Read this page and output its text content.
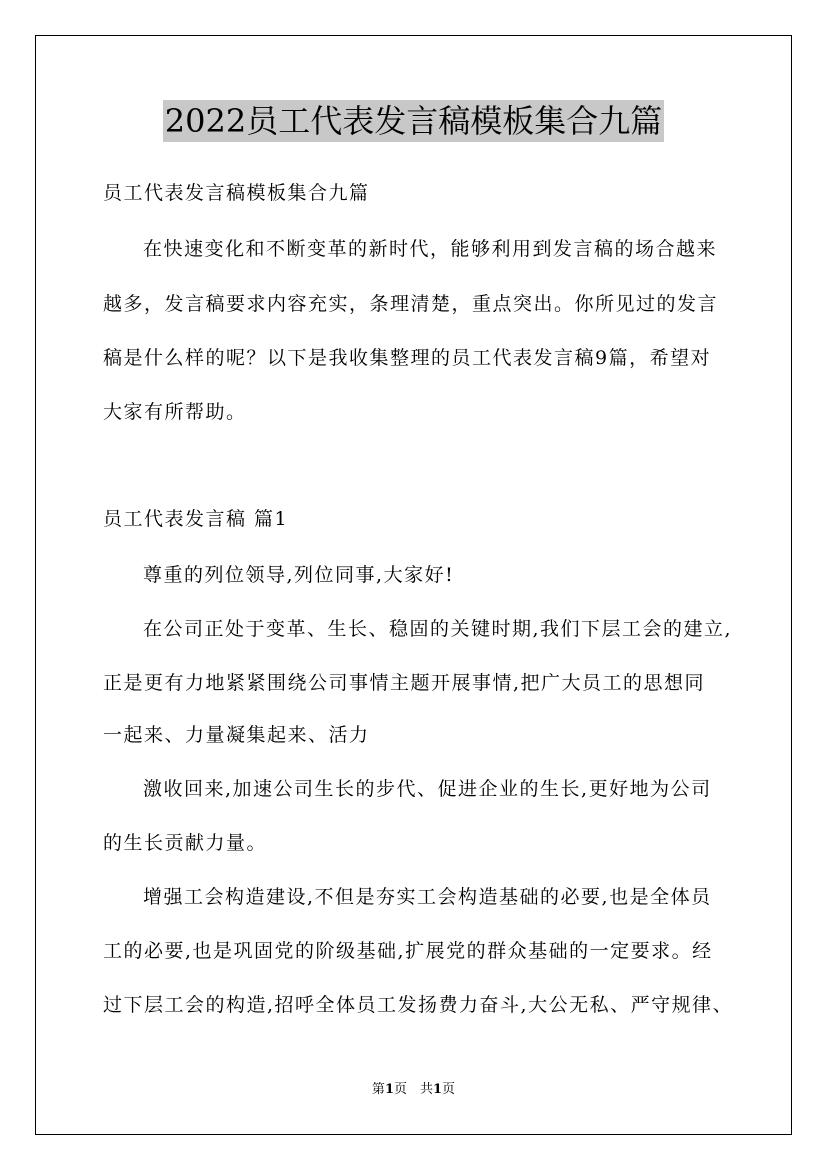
2022员工代表发言稿模板集合九篇
员工代表发言稿模板集合九篇
在快速变化和不断变革的新时代，能够利用到发言稿的场合越来
越多，发言稿要求内容充实，条理清楚，重点突出。你所见过的发言
稿是什么样的呢？以下是我收集整理的员工代表发言稿9篇，希望对
大家有所帮助。
员工代表发言稿 篇1
尊重的列位领导,列位同事,大家好!
在公司正处于变革、生长、稳固的关键时期,我们下层工会的建立,
正是更有力地紧紧围绕公司事情主题开展事情,把广大员工的思想同
一起来、力量凝集起来、活力
激收回来,加速公司生长的步代、促进企业的生长,更好地为公司
的生长贡献力量。
增强工会构造建设,不但是夯实工会构造基础的必要,也是全体员
工的必要,也是巩固党的阶级基础,扩展党的群众基础的一定要求。经
过下层工会的构造,招呼全体员工发扬费力奋斗,大公无私、严守规律、
第1页　共1页
